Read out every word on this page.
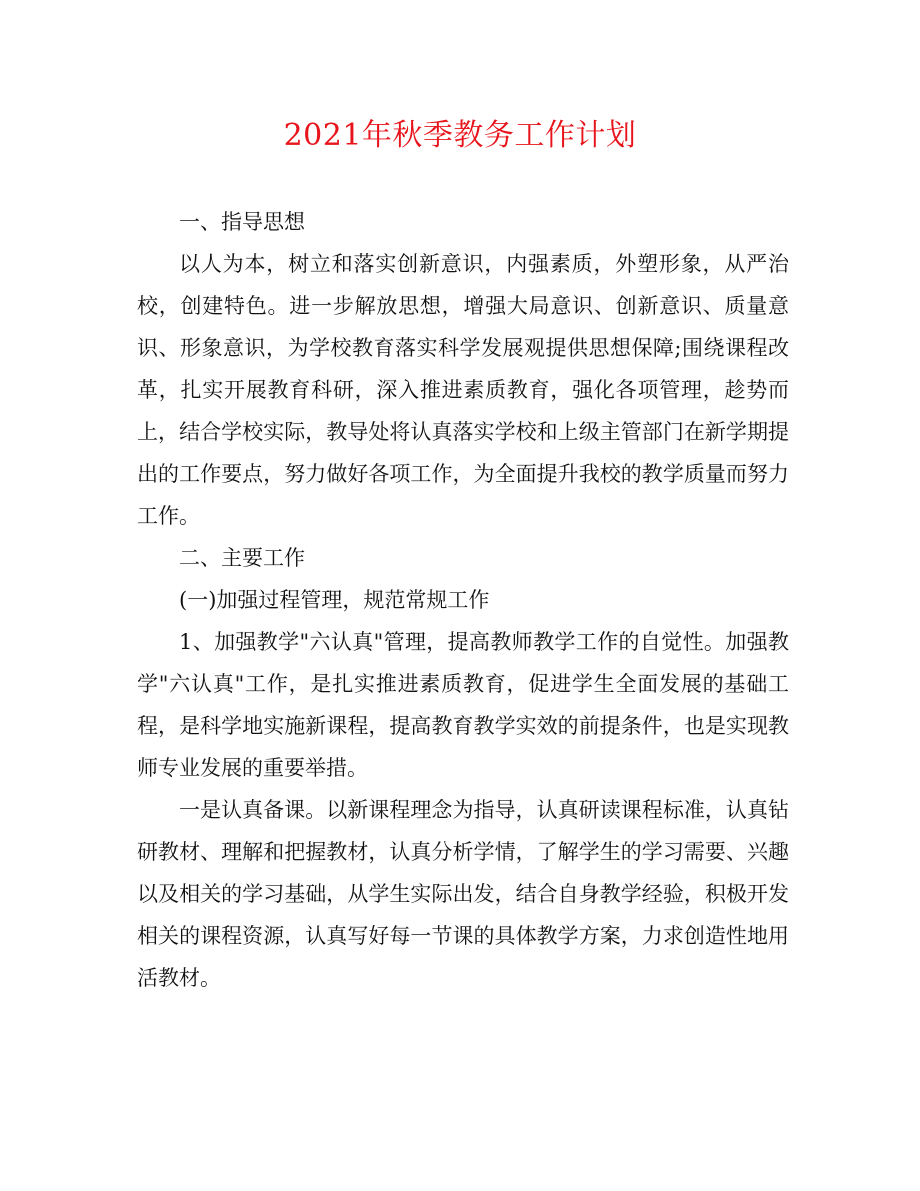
2021年秋季教务工作计划

一、指导思想

以人为本，树立和落实创新意识，内强素质，外塑形象，从严治校，创建特色。进一步解放思想，增强大局意识、创新意识、质量意识、形象意识，为学校教育落实科学发展观提供思想保障;围绕课程改革，扎实开展教育科研，深入推进素质教育，强化各项管理，趁势而上，结合学校实际，教导处将认真落实学校和上级主管部门在新学期提出的工作要点，努力做好各项工作，为全面提升我校的教学质量而努力工作。

二、主要工作

(一)加强过程管理，规范常规工作

1、加强教学"六认真"管理，提高教师教学工作的自觉性。加强教学"六认真"工作，是扎实推进素质教育，促进学生全面发展的基础工程，是科学地实施新课程，提高教育教学实效的前提条件，也是实现教师专业发展的重要举措。

一是认真备课。以新课程理念为指导，认真研读课程标准，认真钻研教材、理解和把握教材，认真分析学情，了解学生的学习需要、兴趣以及相关的学习基础，从学生实际出发，结合自身教学经验，积极开发相关的课程资源，认真写好每一节课的具体教学方案，力求创造性地用活教材。
